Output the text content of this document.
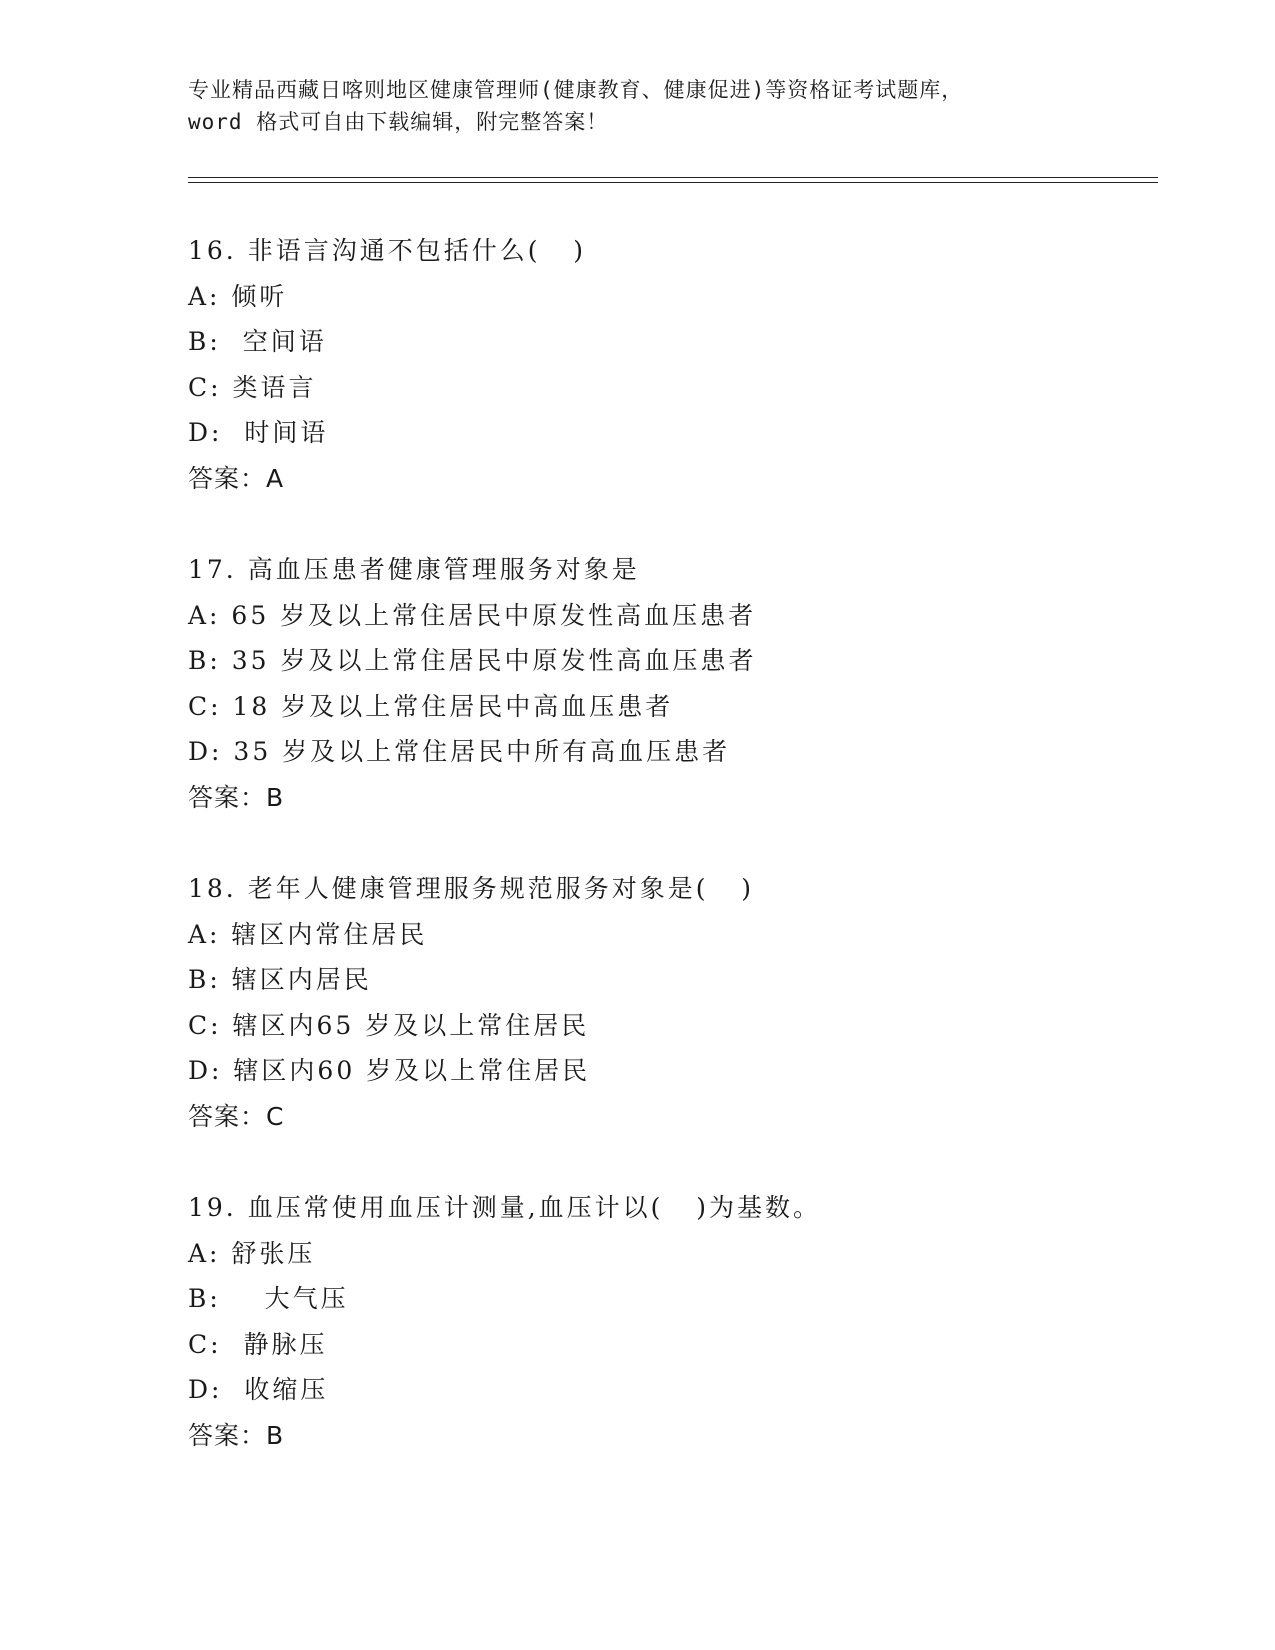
专业精品西藏日喀则地区健康管理师(健康教育、健康促进)等资格证考试题库，
word 格式可自由下载编辑，附完整答案！
16. 非语言沟通不包括什么(   )
A: 倾听
B:  空间语
C: 类语言
D:  时间语
答案：A
17. 高血压患者健康管理服务对象是
A: 65 岁及以上常住居民中原发性高血压患者
B: 35 岁及以上常住居民中原发性高血压患者
C: 18 岁及以上常住居民中高血压患者
D: 35 岁及以上常住居民中所有高血压患者
答案：B
18. 老年人健康管理服务规范服务对象是(   )
A: 辖区内常住居民
B: 辖区内居民
C: 辖区内65 岁及以上常住居民
D: 辖区内60 岁及以上常住居民
答案：C
19. 血压常使用血压计测量,血压计以(   )为基数。
A: 舒张压
B:    大气压
C:  静脉压
D:  收缩压
答案：B
